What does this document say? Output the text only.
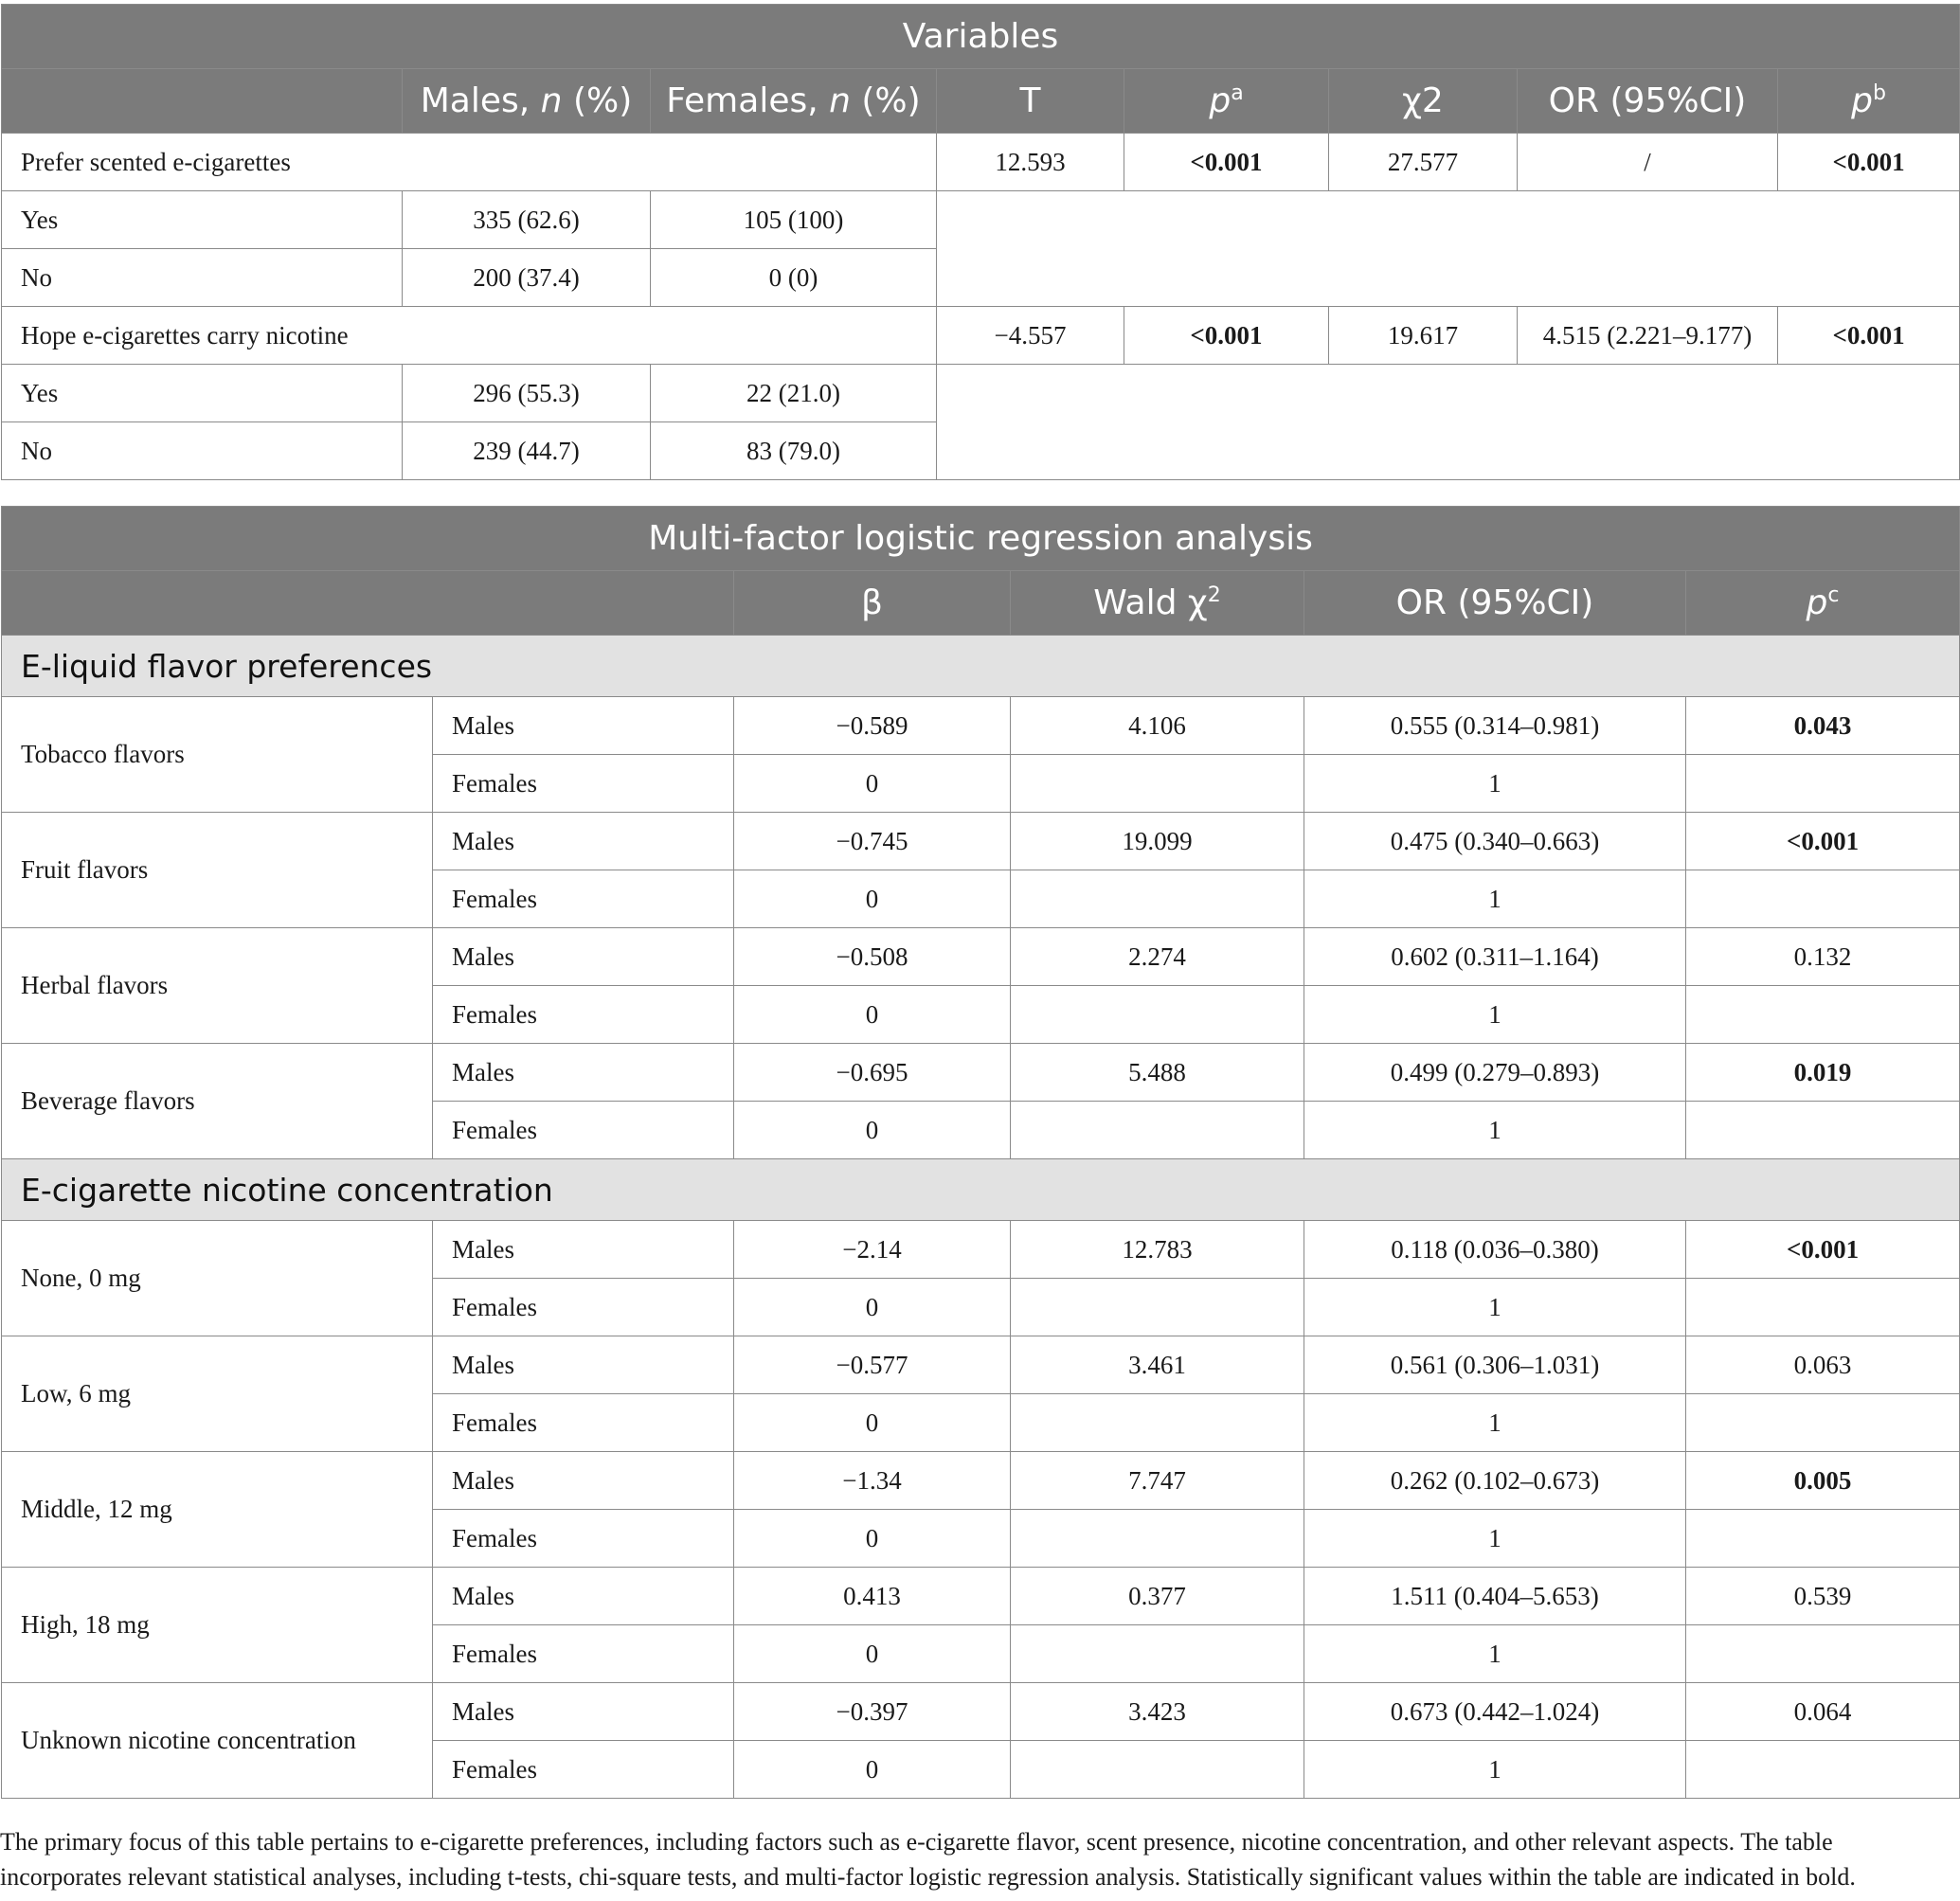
Variables							
	Males, n (%)	Females, n (%)	T	$p^a$	χ2	OR (95%CI)	$p^b$
Prefer scented e-cigarettes			12.593	<0.001	27.577	/	<0.001
Yes	335 (62.6)	105 (100)					
No	200 (37.4)	0 (0)					
Hope e-cigarettes carry nicotine			−4.557	<0.001	19.617	4.515 (2.221–9.177)	<0.001
Yes	296 (55.3)	22 (21.0)					
No	239 (44.7)	83 (79.0)					
Multi-factor logistic regression analysis					
		β	Wald $\chi^2$	OR (95%CI)	$p^c$
E-liquid flavor preferences					
Tobacco flavors	Males	−0.589	4.106	0.555 (0.314–0.981)	0.043
	Females	0		1	
Fruit flavors	Males	−0.745	19.099	0.475 (0.340–0.663)	<0.001
	Females	0		1	
Herbal flavors	Males	−0.508	2.274	0.602 (0.311–1.164)	0.132
	Females	0		1	
Beverage flavors	Males	−0.695	5.488	0.499 (0.279–0.893)	0.019
	Females	0		1	
E-cigarette nicotine concentration					
None, 0 mg	Males	−2.14	12.783	0.118 (0.036–0.380)	<0.001
	Females	0		1	
Low, 6 mg	Males	−0.577	3.461	0.561 (0.306–1.031)	0.063
	Females	0		1	
Middle, 12 mg	Males	−1.34	7.747	0.262 (0.102–0.673)	0.005
	Females	0		1	
High, 18 mg	Males	0.413	0.377	1.511 (0.404–5.653)	0.539
	Females	0		1	
Unknown nicotine concentration	Males	−0.397	3.423	0.673 (0.442–1.024)	0.064
	Females	0		1	

The primary focus of this table pertains to e-cigarette preferences, including factors such as e-cigarette flavor, scent presence, nicotine concentration, and other relevant aspects. The table incorporates relevant statistical analyses, including t-tests, chi-square tests, and multi-factor logistic regression analysis. Statistically significant values within the table are indicated in bold.
